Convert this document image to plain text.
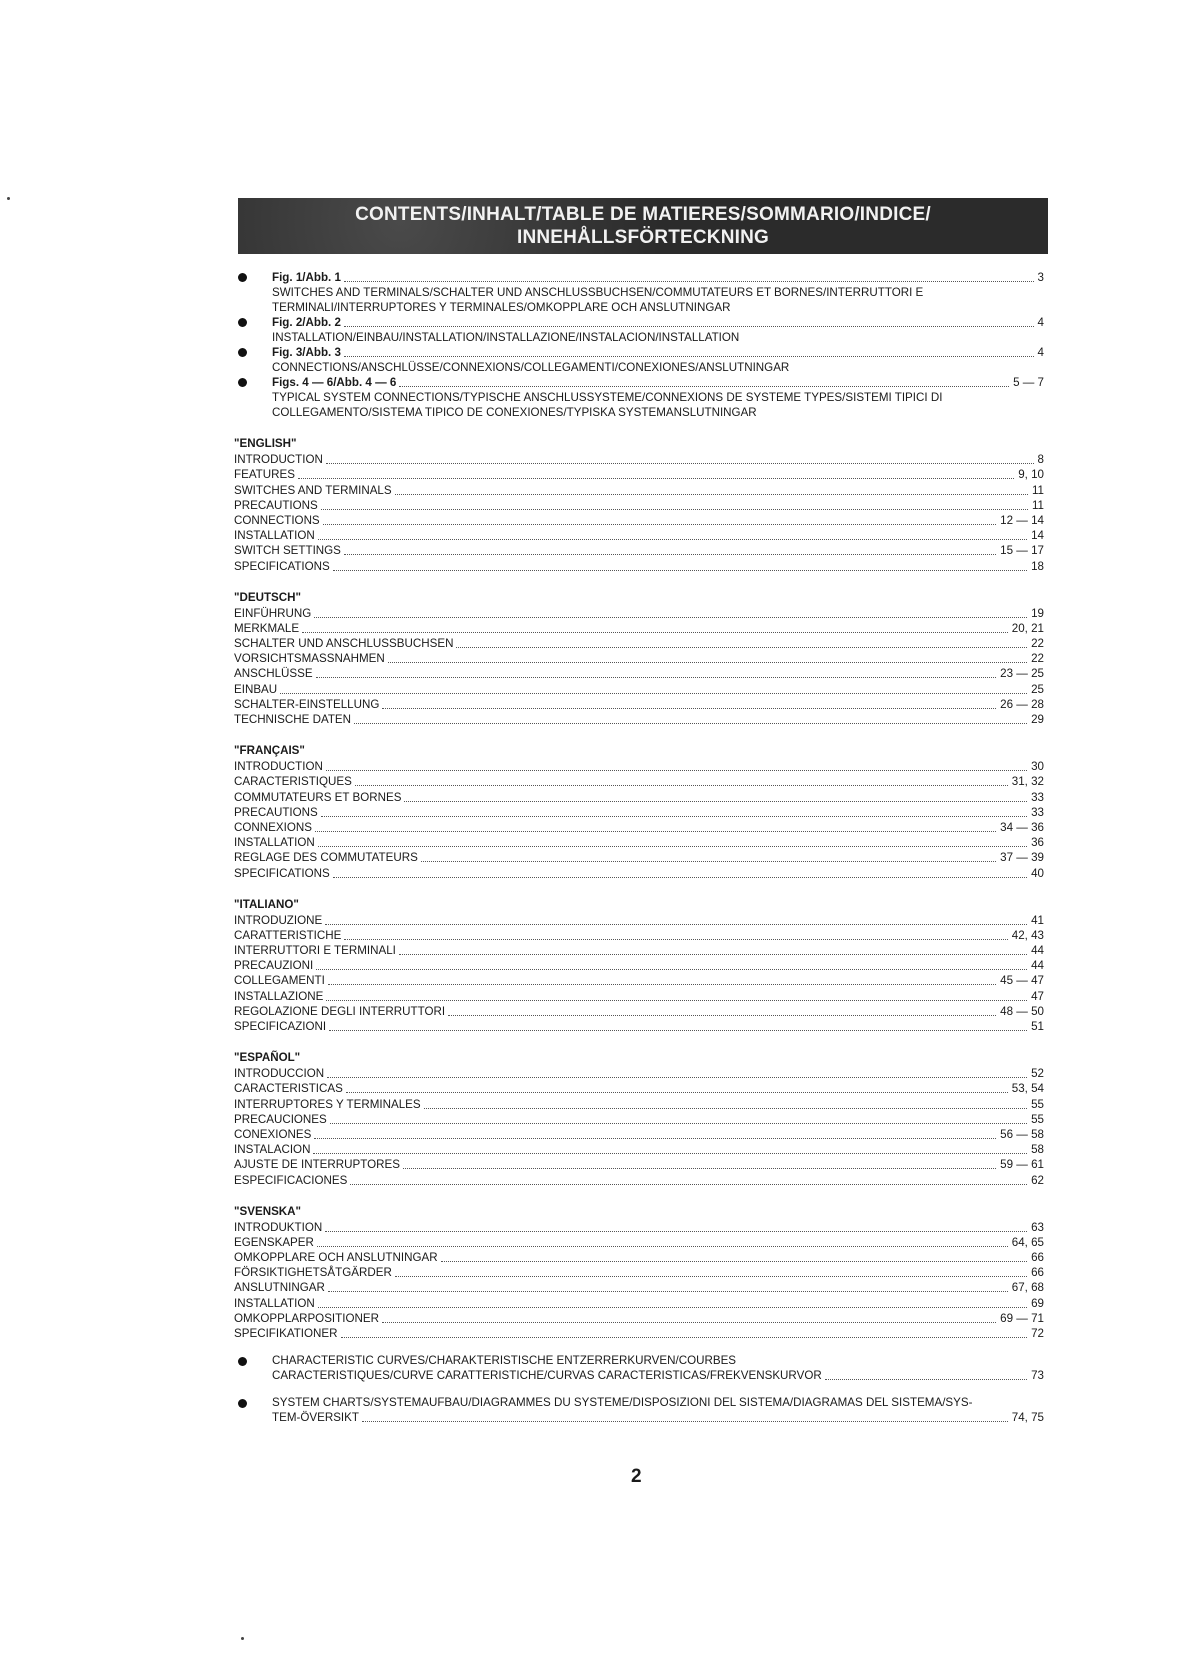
CONTENTS/INHALT/TABLE DE MATIERES/SOMMARIO/INDICE/
INNEHÅLLSFÖRTECKNING
Fig. 1/Abb. 1	3
SWITCHES AND TERMINALS/SCHALTER UND ANSCHLUSSBUCHSEN/COMMUTATEURS ET BORNES/INTERRUTTORI E TERMINALI/INTERRUPTORES Y TERMINALES/OMKOPPLARE OCH ANSLUTNINGAR
Fig. 2/Abb. 2	4
INSTALLATION/EINBAU/INSTALLATION/INSTALLAZIONE/INSTALACION/INSTALLATION
Fig. 3/Abb. 3	4
CONNECTIONS/ANSCHLÜSSE/CONNEXIONS/COLLEGAMENTI/CONEXIONES/ANSLUTNINGAR
Figs. 4 — 6/Abb. 4 — 6	5 — 7
TYPICAL SYSTEM CONNECTIONS/TYPISCHE ANSCHLUSSYSTEME/CONNEXIONS DE SYSTEME TYPES/SISTEMI TIPICI DI COLLEGAMENTO/SISTEMA TIPICO DE CONEXIONES/TYPISKA SYSTEMANSLUTNINGAR
"ENGLISH"
INTRODUCTION	8
FEATURES	9, 10
SWITCHES AND TERMINALS	11
PRECAUTIONS	11
CONNECTIONS	12 — 14
INSTALLATION	14
SWITCH SETTINGS	15 — 17
SPECIFICATIONS	18
"DEUTSCH"
EINFÜHRUNG	19
MERKMALE	20, 21
SCHALTER UND ANSCHLUSSBUCHSEN	22
VORSICHTSMASSNAHMEN	22
ANSCHLÜSSE	23 — 25
EINBAU	25
SCHALTER-EINSTELLUNG	26 — 28
TECHNISCHE DATEN	29
"FRANÇAIS"
INTRODUCTION	30
CARACTERISTIQUES	31, 32
COMMUTATEURS ET BORNES	33
PRECAUTIONS	33
CONNEXIONS	34 — 36
INSTALLATION	36
REGLAGE DES COMMUTATEURS	37 — 39
SPECIFICATIONS	40
"ITALIANO"
INTRODUZIONE	41
CARATTERISTICHE	42, 43
INTERRUTTORI E TERMINALI	44
PRECAUZIONI	44
COLLEGAMENTI	45 — 47
INSTALLAZIONE	47
REGOLAZIONE DEGLI INTERRUTTORI	48 — 50
SPECIFICAZIONI	51
"ESPAÑOL"
INTRODUCCION	52
CARACTERISTICAS	53, 54
INTERRUPTORES Y TERMINALES	55
PRECAUCIONES	55
CONEXIONES	56 — 58
INSTALACION	58
AJUSTE DE INTERRUPTORES	59 — 61
ESPECIFICACIONES	62
"SVENSKA"
INTRODUKTION	63
EGENSKAPER	64, 65
OMKOPPLARE OCH ANSLUTNINGAR	66
FÖRSIKTIGHETSÅTGÄRDER	66
ANSLUTNINGAR	67, 68
INSTALLATION	69
OMKOPPLARPOSITIONER	69 — 71
SPECIFIKATIONER	72
CHARACTERISTIC CURVES/CHARAKTERISTISCHE ENTZERRERKURVEN/COURBES
CARACTERISTIQUES/CURVE CARATTERISTICHE/CURVAS CARACTERISTICAS/FREKVENSKURVOR	73
SYSTEM CHARTS/SYSTEMAUFBAU/DIAGRAMMES DU SYSTEME/DISPOSIZIONI DEL SISTEMA/DIAGRAMAS DEL SISTEMA/SYS-
TEM-ÖVERSIKT	74, 75
2
